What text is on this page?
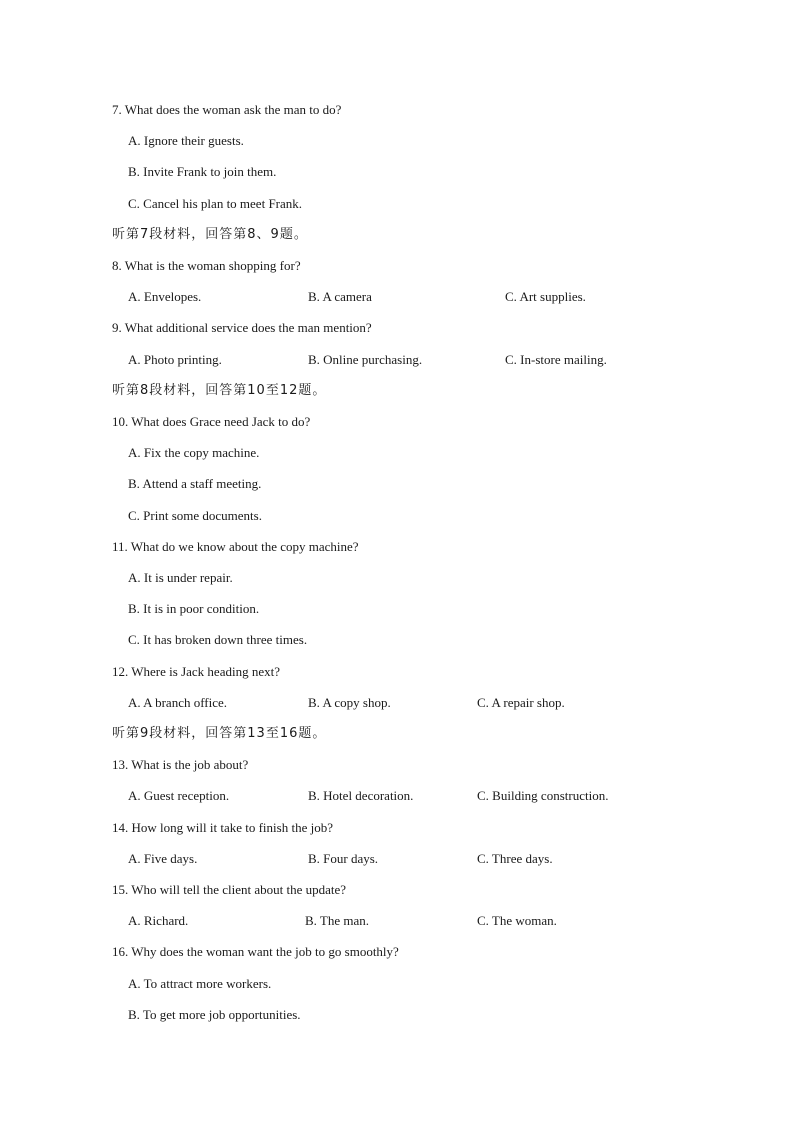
7. What does the woman ask the man to do?
A. Ignore their guests.
B. Invite Frank to join them.
C. Cancel his plan to meet Frank.
听第7段材料，回答第8、9题。
8. What is the woman shopping for?
A. Envelopes.	B. A camera	C. Art supplies.
9. What additional service does the man mention?
A. Photo printing.	B. Online purchasing.	C. In-store mailing.
听第8段材料，回答第10至12题。
10. What does Grace need Jack to do?
A. Fix the copy machine.
B. Attend a staff meeting.
C. Print some documents.
11. What do we know about the copy machine?
A. It is under repair.
B. It is in poor condition.
C. It has broken down three times.
12. Where is Jack heading next?
A. A branch office.	B. A copy shop.	C. A repair shop.
听第9段材料，回答第13至16题。
13. What is the job about?
A. Guest reception.	B. Hotel decoration.	C. Building construction.
14. How long will it take to finish the job?
A. Five days.	B. Four days.	C. Three days.
15. Who will tell the client about the update?
A. Richard.	B. The man.	C. The woman.
16. Why does the woman want the job to go smoothly?
A. To attract more workers.
B. To get more job opportunities.
